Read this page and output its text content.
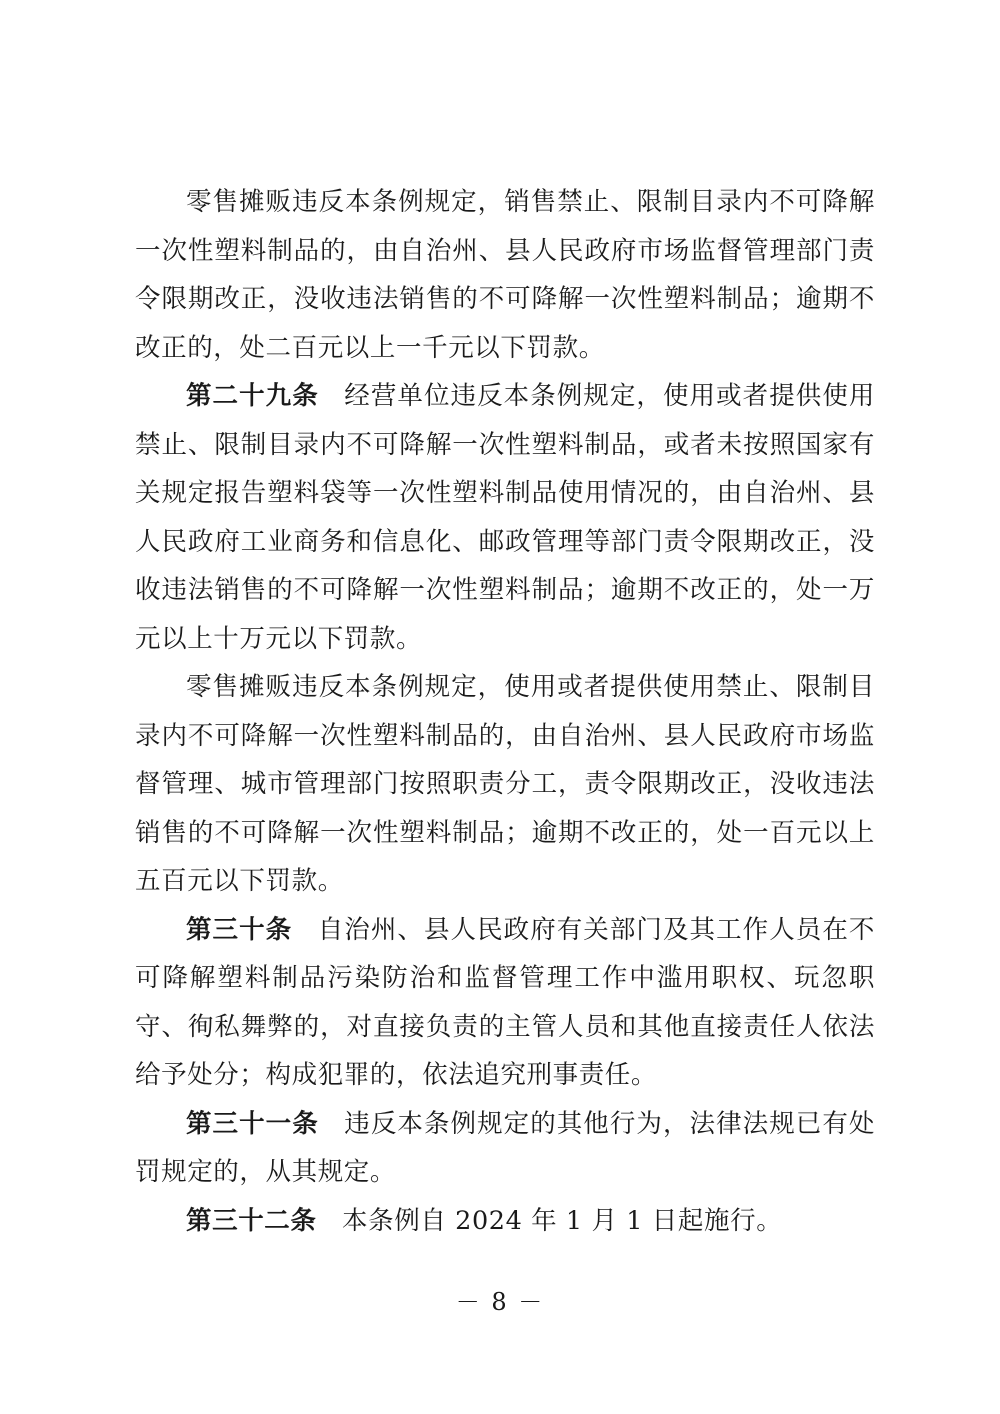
零售摊贩违反本条例规定，销售禁止、限制目录内不可降解一次性塑料制品的，由自治州、县人民政府市场监督管理部门责令限期改正，没收违法销售的不可降解一次性塑料制品；逾期不改正的，处二百元以上一千元以下罚款。

第二十九条 经营单位违反本条例规定，使用或者提供使用禁止、限制目录内不可降解一次性塑料制品，或者未按照国家有关规定报告塑料袋等一次性塑料制品使用情况的，由自治州、县人民政府工业商务和信息化、邮政管理等部门责令限期改正，没收违法销售的不可降解一次性塑料制品；逾期不改正的，处一万元以上十万元以下罚款。

零售摊贩违反本条例规定，使用或者提供使用禁止、限制目录内不可降解一次性塑料制品的，由自治州、县人民政府市场监督管理、城市管理部门按照职责分工，责令限期改正，没收违法销售的不可降解一次性塑料制品；逾期不改正的，处一百元以上五百元以下罚款。

第三十条 自治州、县人民政府有关部门及其工作人员在不可降解塑料制品污染防治和监督管理工作中滥用职权、玩忽职守、徇私舞弊的，对直接负责的主管人员和其他直接责任人依法给予处分；构成犯罪的，依法追究刑事责任。

第三十一条 违反本条例规定的其他行为，法律法规已有处罚规定的，从其规定。

第三十二条 本条例自 2024 年 1 月 1 日起施行。

－ 8 －
